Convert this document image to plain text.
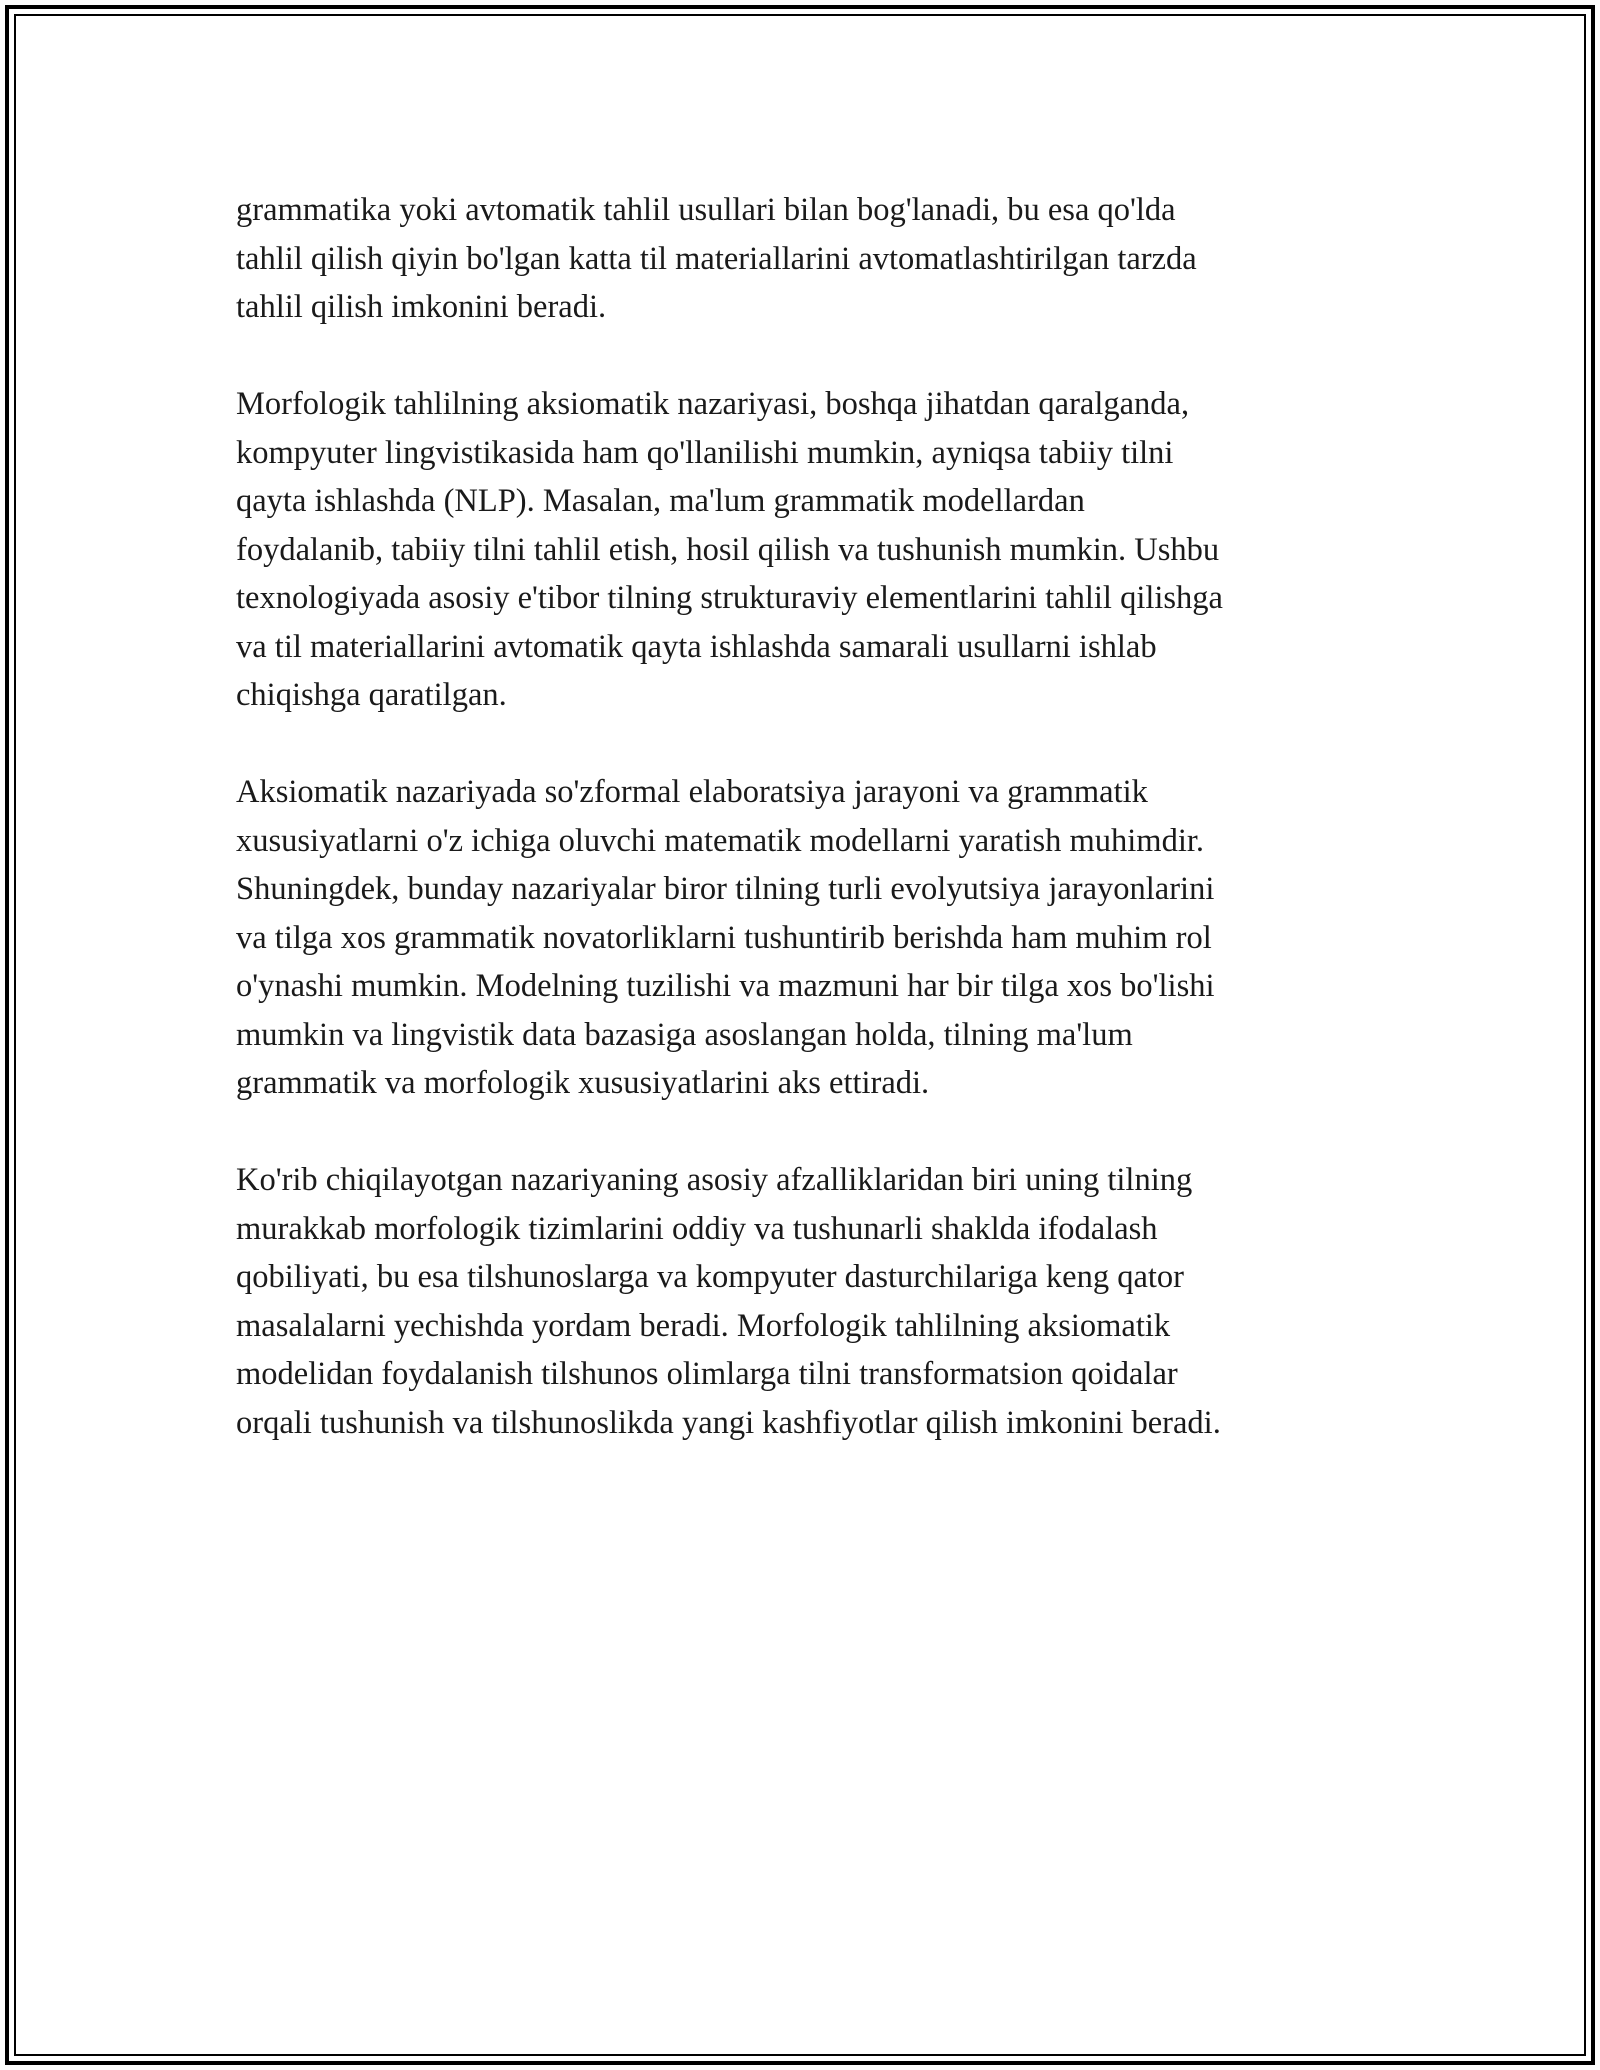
grammatika yoki avtomatik tahlil usullari bilan bog'lanadi, bu esa qo'lda
tahlil qilish qiyin bo'lgan katta til materiallarini avtomatlashtirilgan tarzda
tahlil qilish imkonini beradi.

Morfologik tahlilning aksiomatik nazariyasi, boshqa jihatdan qaralganda,
kompyuter lingvistikasida ham qo'llanilishi mumkin, ayniqsa tabiiy tilni
qayta ishlashda (NLP). Masalan, ma'lum grammatik modellardan
foydalanib, tabiiy tilni tahlil etish, hosil qilish va tushunish mumkin. Ushbu
texnologiyada asosiy e'tibor tilning strukturaviy elementlarini tahlil qilishga
va til materiallarini avtomatik qayta ishlashda samarali usullarni ishlab
chiqishga qaratilgan.

Aksiomatik nazariyada so'zformal elaboratsiya jarayoni va grammatik
xususiyatlarni o'z ichiga oluvchi matematik modellarni yaratish muhimdir.
Shuningdek, bunday nazariyalar biror tilning turli evolyutsiya jarayonlarini
va tilga xos grammatik novatorliklarni tushuntirib berishda ham muhim rol
o'ynashi mumkin. Modelning tuzilishi va mazmuni har bir tilga xos bo'lishi
mumkin va lingvistik data bazasiga asoslangan holda, tilning ma'lum
grammatik va morfologik xususiyatlarini aks ettiradi.

Ko'rib chiqilayotgan nazariyaning asosiy afzalliklaridan biri uning tilning
murakkab morfologik tizimlarini oddiy va tushunarli shaklda ifodalash
qobiliyati, bu esa tilshunoslarga va kompyuter dasturchilariga keng qator
masalalarni yechishda yordam beradi. Morfologik tahlilning aksiomatik
modelidan foydalanish tilshunos olimlarga tilni transformatsion qoidalar
orqali tushunish va tilshunoslikda yangi kashfiyotlar qilish imkonini beradi.
